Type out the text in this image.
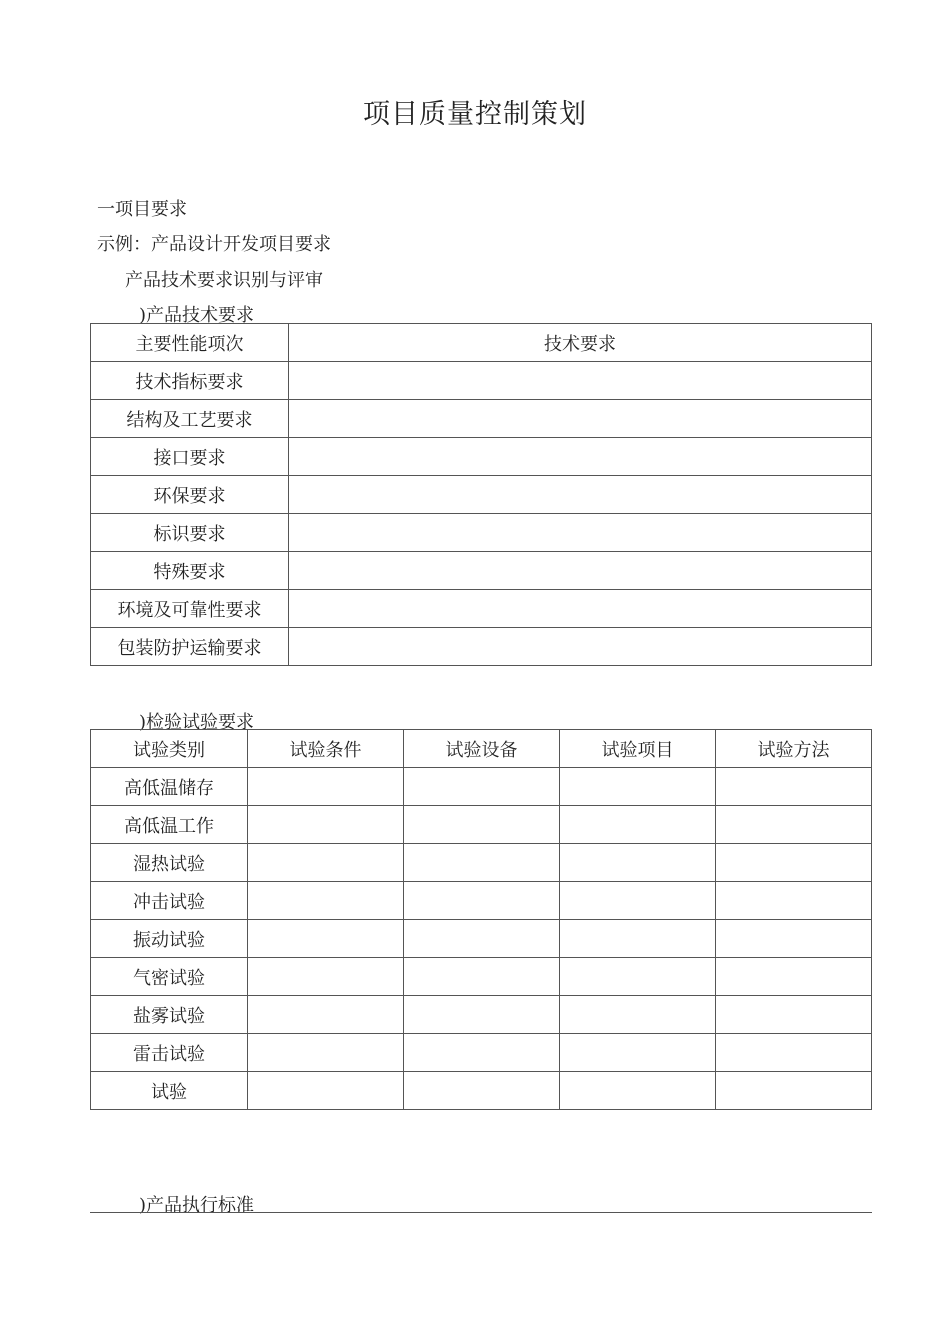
项目质量控制策划
一项目要求
示例：产品设计开发项目要求
产品技术要求识别与评审
)产品技术要求
主要性能项次	技术要求
技术指标要求	
结构及工艺要求	
接口要求	
环保要求	
标识要求	
特殊要求	
环境及可靠性要求	
包装防护运输要求	
)检验试验要求
试验类别	试验条件	试验设备	试验项目	试验方法
高低温储存				
高低温工作				
湿热试验				
冲击试验				
振动试验				
气密试验				
盐雾试验				
雷击试验				
试验				
)产品执行标准
